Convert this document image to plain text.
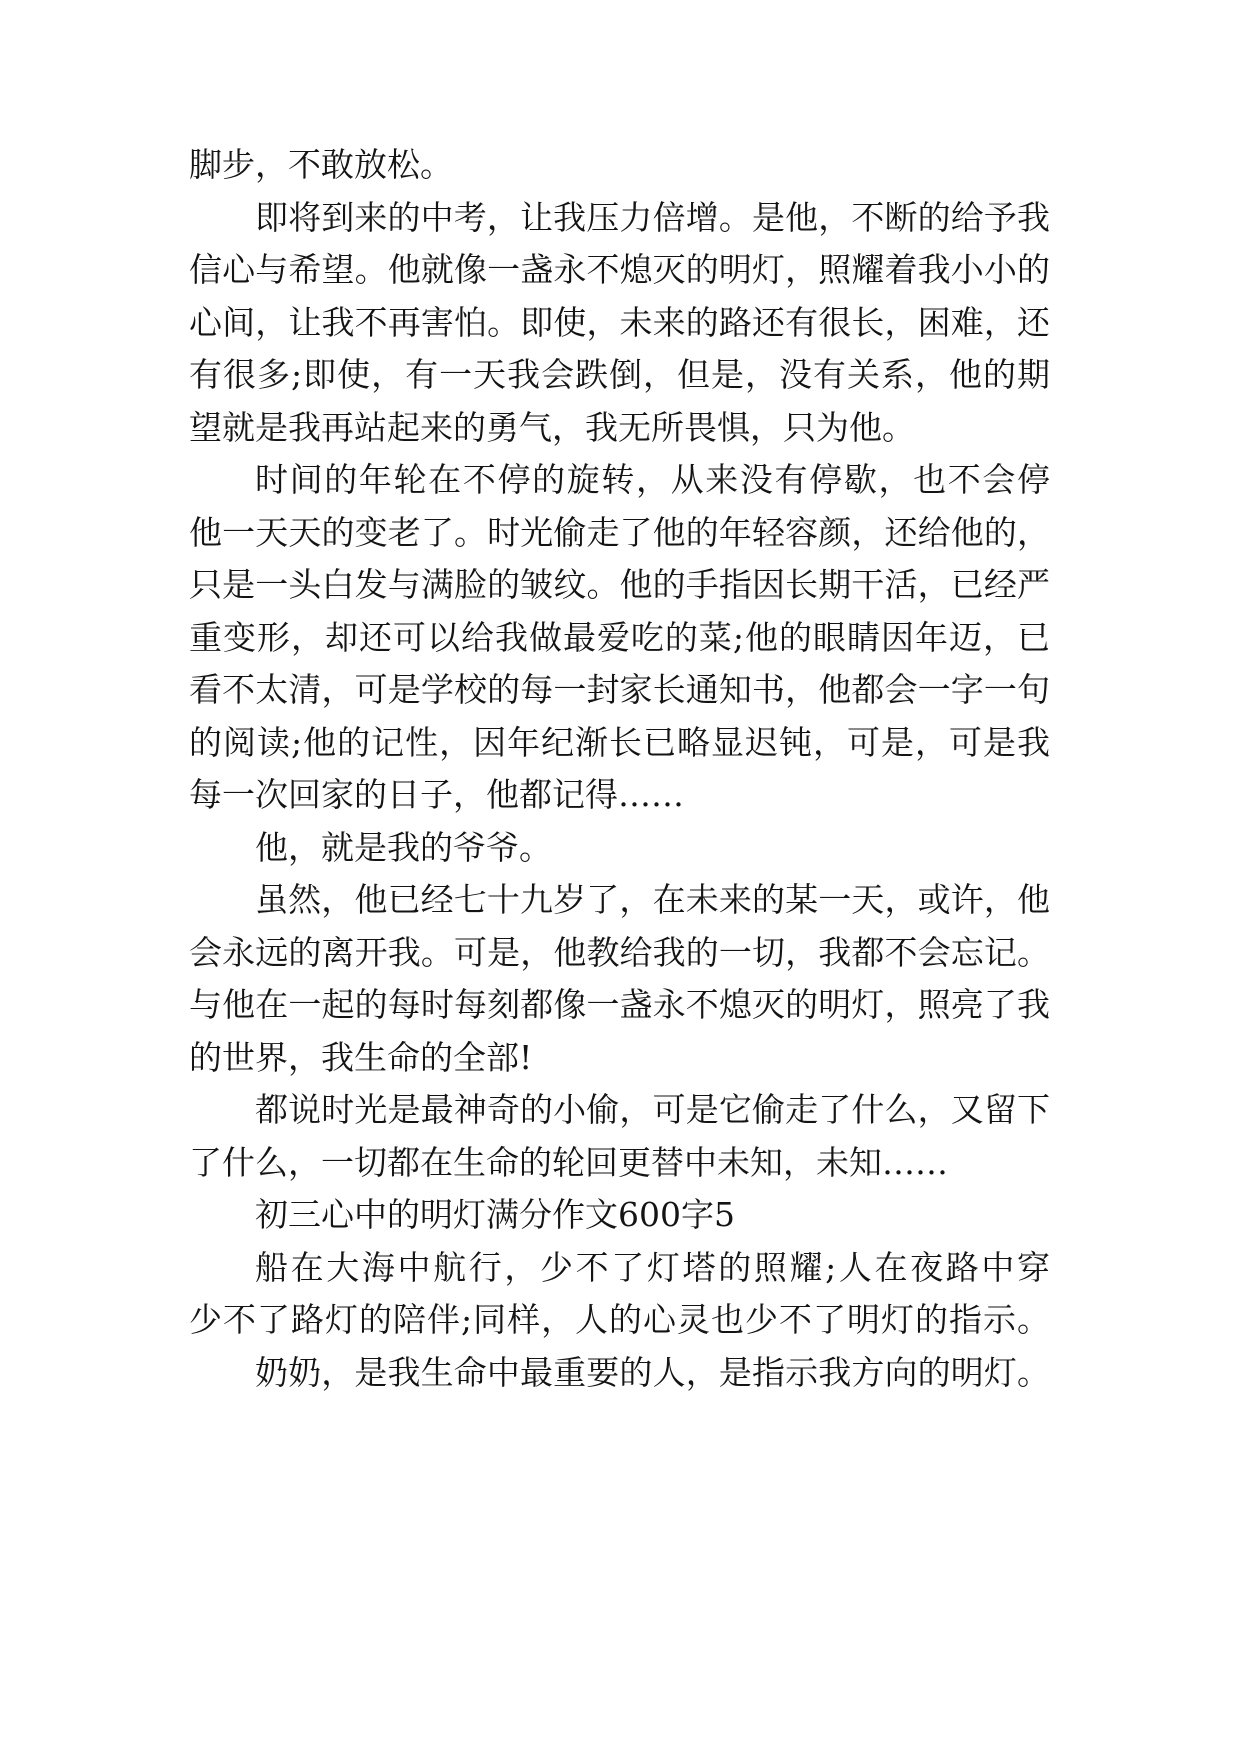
脚步，不敢放松。
即将到来的中考，让我压力倍增。是他，不断的给予我
信心与希望。他就像一盏永不熄灭的明灯，照耀着我小小的
心间，让我不再害怕。即使，未来的路还有很长，困难，还
有很多;即使，有一天我会跌倒，但是，没有关系，他的期
望就是我再站起来的勇气，我无所畏惧，只为他。
时间的年轮在不停的旋转，从来没有停歇，也不会停
他一天天的变老了。时光偷走了他的年轻容颜，还给他的，
只是一头白发与满脸的皱纹。他的手指因长期干活，已经严
重变形，却还可以给我做最爱吃的菜;他的眼睛因年迈，已
看不太清，可是学校的每一封家长通知书，他都会一字一句
的阅读;他的记性，因年纪渐长已略显迟钝，可是，可是我
每一次回家的日子，他都记得……
他，就是我的爷爷。
虽然，他已经七十九岁了，在未来的某一天，或许，他
会永远的离开我。可是，他教给我的一切，我都不会忘记。
与他在一起的每时每刻都像一盏永不熄灭的明灯，照亮了我
的世界，我生命的全部!
都说时光是最神奇的小偷，可是它偷走了什么，又留下
了什么，一切都在生命的轮回更替中未知，未知……
初三心中的明灯满分作文600字5
船在大海中航行，少不了灯塔的照耀;人在夜路中穿
少不了路灯的陪伴;同样，人的心灵也少不了明灯的指示。
奶奶，是我生命中最重要的人，是指示我方向的明灯。
